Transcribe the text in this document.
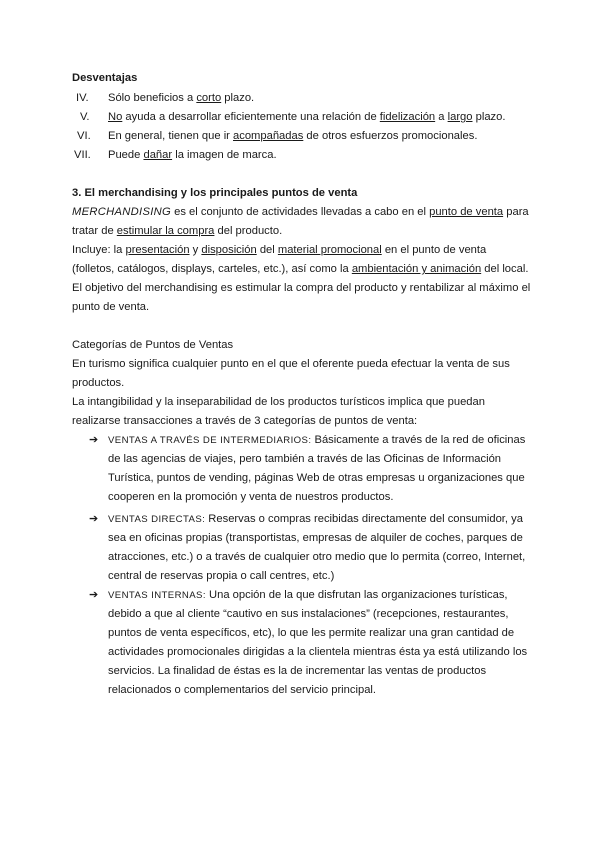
Desventajas
IV. Sólo beneficios a corto plazo.
V. No ayuda a desarrollar eficientemente una relación de fidelización a largo plazo.
VI. En general, tienen que ir acompañadas de otros esfuerzos promocionales.
VII. Puede dañar la imagen de marca.
3. El merchandising y los principales puntos de venta
MERCHANDISING es el conjunto de actividades llevadas a cabo en el punto de venta para
tratar de estimular la compra del producto.
Incluye: la presentación y disposición del material promocional en el punto de venta
(folletos, catálogos, displays, carteles, etc.), así como la ambientación y animación del local.
El objetivo del merchandising es estimular la compra del producto y rentabilizar al máximo el
punto de venta.
Categorías de Puntos de Ventas
En turismo significa cualquier punto en el que el oferente pueda efectuar la venta de sus
productos.
La intangibilidad y la inseparabilidad de los productos turísticos implica que puedan
realizarse transacciones a través de 3 categorías de puntos de venta:
➔ VENTAS A TRAVÉS DE INTERMEDIARIOS: Básicamente a través de la red de oficinas
de las agencias de viajes, pero también a través de las Oficinas de Información
Turística, puntos de vending, páginas Web de otras empresas u organizaciones que
cooperen en la promoción y venta de nuestros productos.
➔ VENTAS DIRECTAS: Reservas o compras recibidas directamente del consumidor, ya
sea en oficinas propias (transportistas, empresas de alquiler de coches, parques de
atracciones, etc.) o a través de cualquier otro medio que lo permita (correo, Internet,
central de reservas propia o call centres, etc.)
➔ VENTAS INTERNAS: Una opción de la que disfrutan las organizaciones turísticas,
debido a que al cliente “cautivo en sus instalaciones” (recepciones, restaurantes,
puntos de venta específicos, etc), lo que les permite realizar una gran cantidad de
actividades promocionales dirigidas a la clientela mientras ésta ya está utilizando los
servicios. La finalidad de éstas es la de incrementar las ventas de productos
relacionados o complementarios del servicio principal.
